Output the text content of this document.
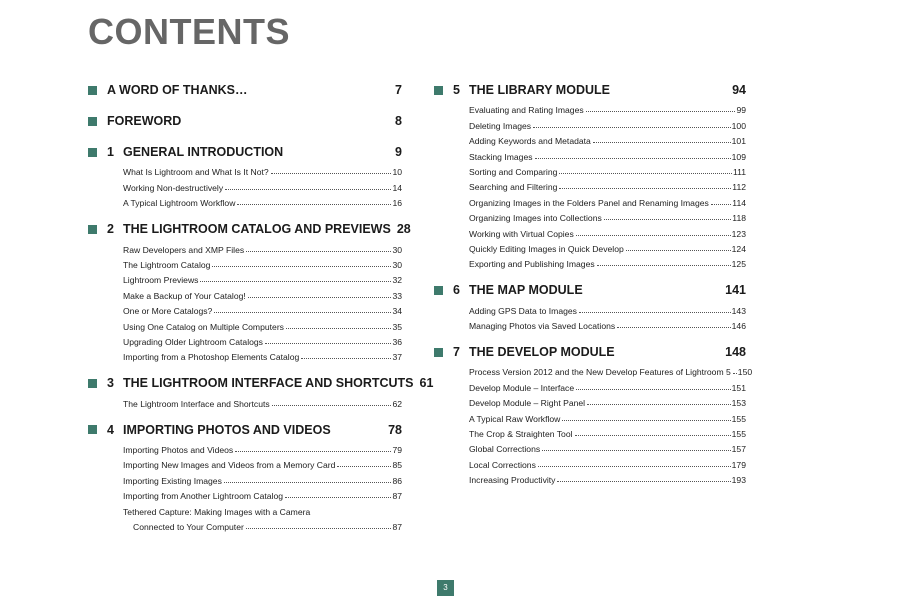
CONTENTS
A WORD OF THANKS…	7
FOREWORD	8
1 GENERAL INTRODUCTION	9
What Is Lightroom and What Is It Not?	10
Working Non-destructively	14
A Typical Lightroom Workflow	16
2 THE LIGHTROOM CATALOG AND PREVIEWS 28
Raw Developers and XMP Files	30
The Lightroom Catalog	30
Lightroom Previews	32
Make a Backup of Your Catalog!	33
One or More Catalogs?	34
Using One Catalog on Multiple Computers	35
Upgrading Older Lightroom Catalogs	36
Importing from a Photoshop Elements Catalog	37
3 THE LIGHTROOM INTERFACE AND SHORTCUTS 61
The Lightroom Interface and Shortcuts	62
4 IMPORTING PHOTOS AND VIDEOS	78
Importing Photos and Videos	79
Importing New Images and Videos from a Memory Card	85
Importing Existing Images	86
Importing from Another Lightroom Catalog	87
Tethered Capture: Making Images with a Camera
Connected to Your Computer	87
5 THE LIBRARY MODULE	94
Evaluating and Rating Images	99
Deleting Images	100
Adding Keywords and Metadata	101
Stacking Images	109
Sorting and Comparing	111
Searching and Filtering	112
Organizing Images in the Folders Panel and Renaming Images	114
Organizing Images into Collections	118
Working with Virtual Copies	123
Quickly Editing Images in Quick Develop	124
Exporting and Publishing Images	125
6 THE MAP MODULE	141
Adding GPS Data to Images	143
Managing Photos via Saved Locations	146
7 THE DEVELOP MODULE	148
Process Version 2012 and the New Develop Features of Lightroom 5 150
Develop Module – Interface	151
Develop Module – Right Panel	153
A Typical Raw Workflow	155
The Crop & Straighten Tool	155
Global Corrections	157
Local Corrections	179
Increasing Productivity	193
3
